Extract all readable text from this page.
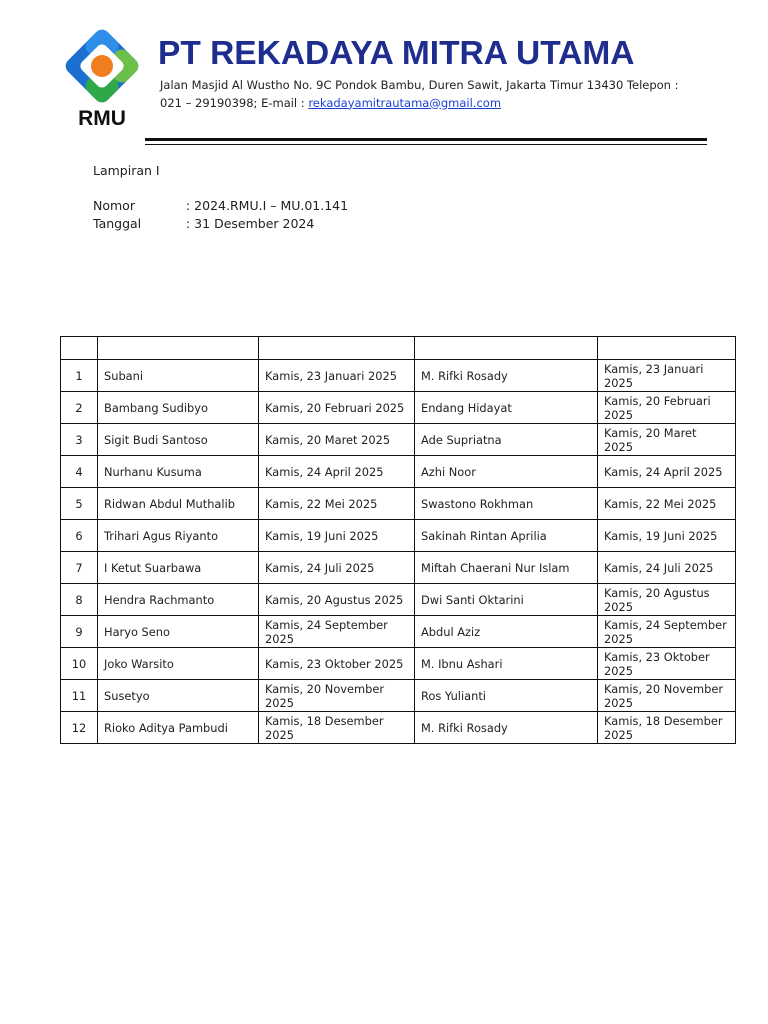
RMU
PT REKADAYA MITRA UTAMA
Jalan Masjid Al Wustho No. 9C Pondok Bambu, Duren Sawit, Jakarta Timur 13430 Telepon :
021 – 29190398; E-mail : rekadayamitrautama@gmail.com
Lampiran I
Nomor	: 2024.RMU.I – MU.01.141
Tanggal	: 31 Desember 2024

1	Subani	Kamis, 23 Januari 2025	M. Rifki Rosady	Kamis, 23 Januari 2025
2	Bambang Sudibyo	Kamis, 20 Februari 2025	Endang Hidayat	Kamis, 20 Februari 2025
3	Sigit Budi Santoso	Kamis, 20 Maret 2025	Ade Supriatna	Kamis, 20 Maret 2025
4	Nurhanu Kusuma	Kamis, 24 April 2025	Azhi Noor	Kamis, 24 April 2025
5	Ridwan Abdul Muthalib	Kamis, 22 Mei 2025	Swastono Rokhman	Kamis, 22 Mei 2025
6	Trihari Agus Riyanto	Kamis, 19 Juni 2025	Sakinah Rintan Aprilia	Kamis, 19 Juni 2025
7	I Ketut Suarbawa	Kamis, 24 Juli 2025	Miftah Chaerani Nur Islam	Kamis, 24 Juli 2025
8	Hendra Rachmanto	Kamis, 20 Agustus 2025	Dwi Santi Oktarini	Kamis, 20 Agustus 2025
9	Haryo Seno	Kamis, 24 September 2025	Abdul Aziz	Kamis, 24 September 2025
10	Joko Warsito	Kamis, 23 Oktober 2025	M. Ibnu Ashari	Kamis, 23 Oktober 2025
11	Susetyo	Kamis, 20 November 2025	Ros Yulianti	Kamis, 20 November 2025
12	Rioko Aditya Pambudi	Kamis, 18 Desember 2025	M. Rifki Rosady	Kamis, 18 Desember 2025
